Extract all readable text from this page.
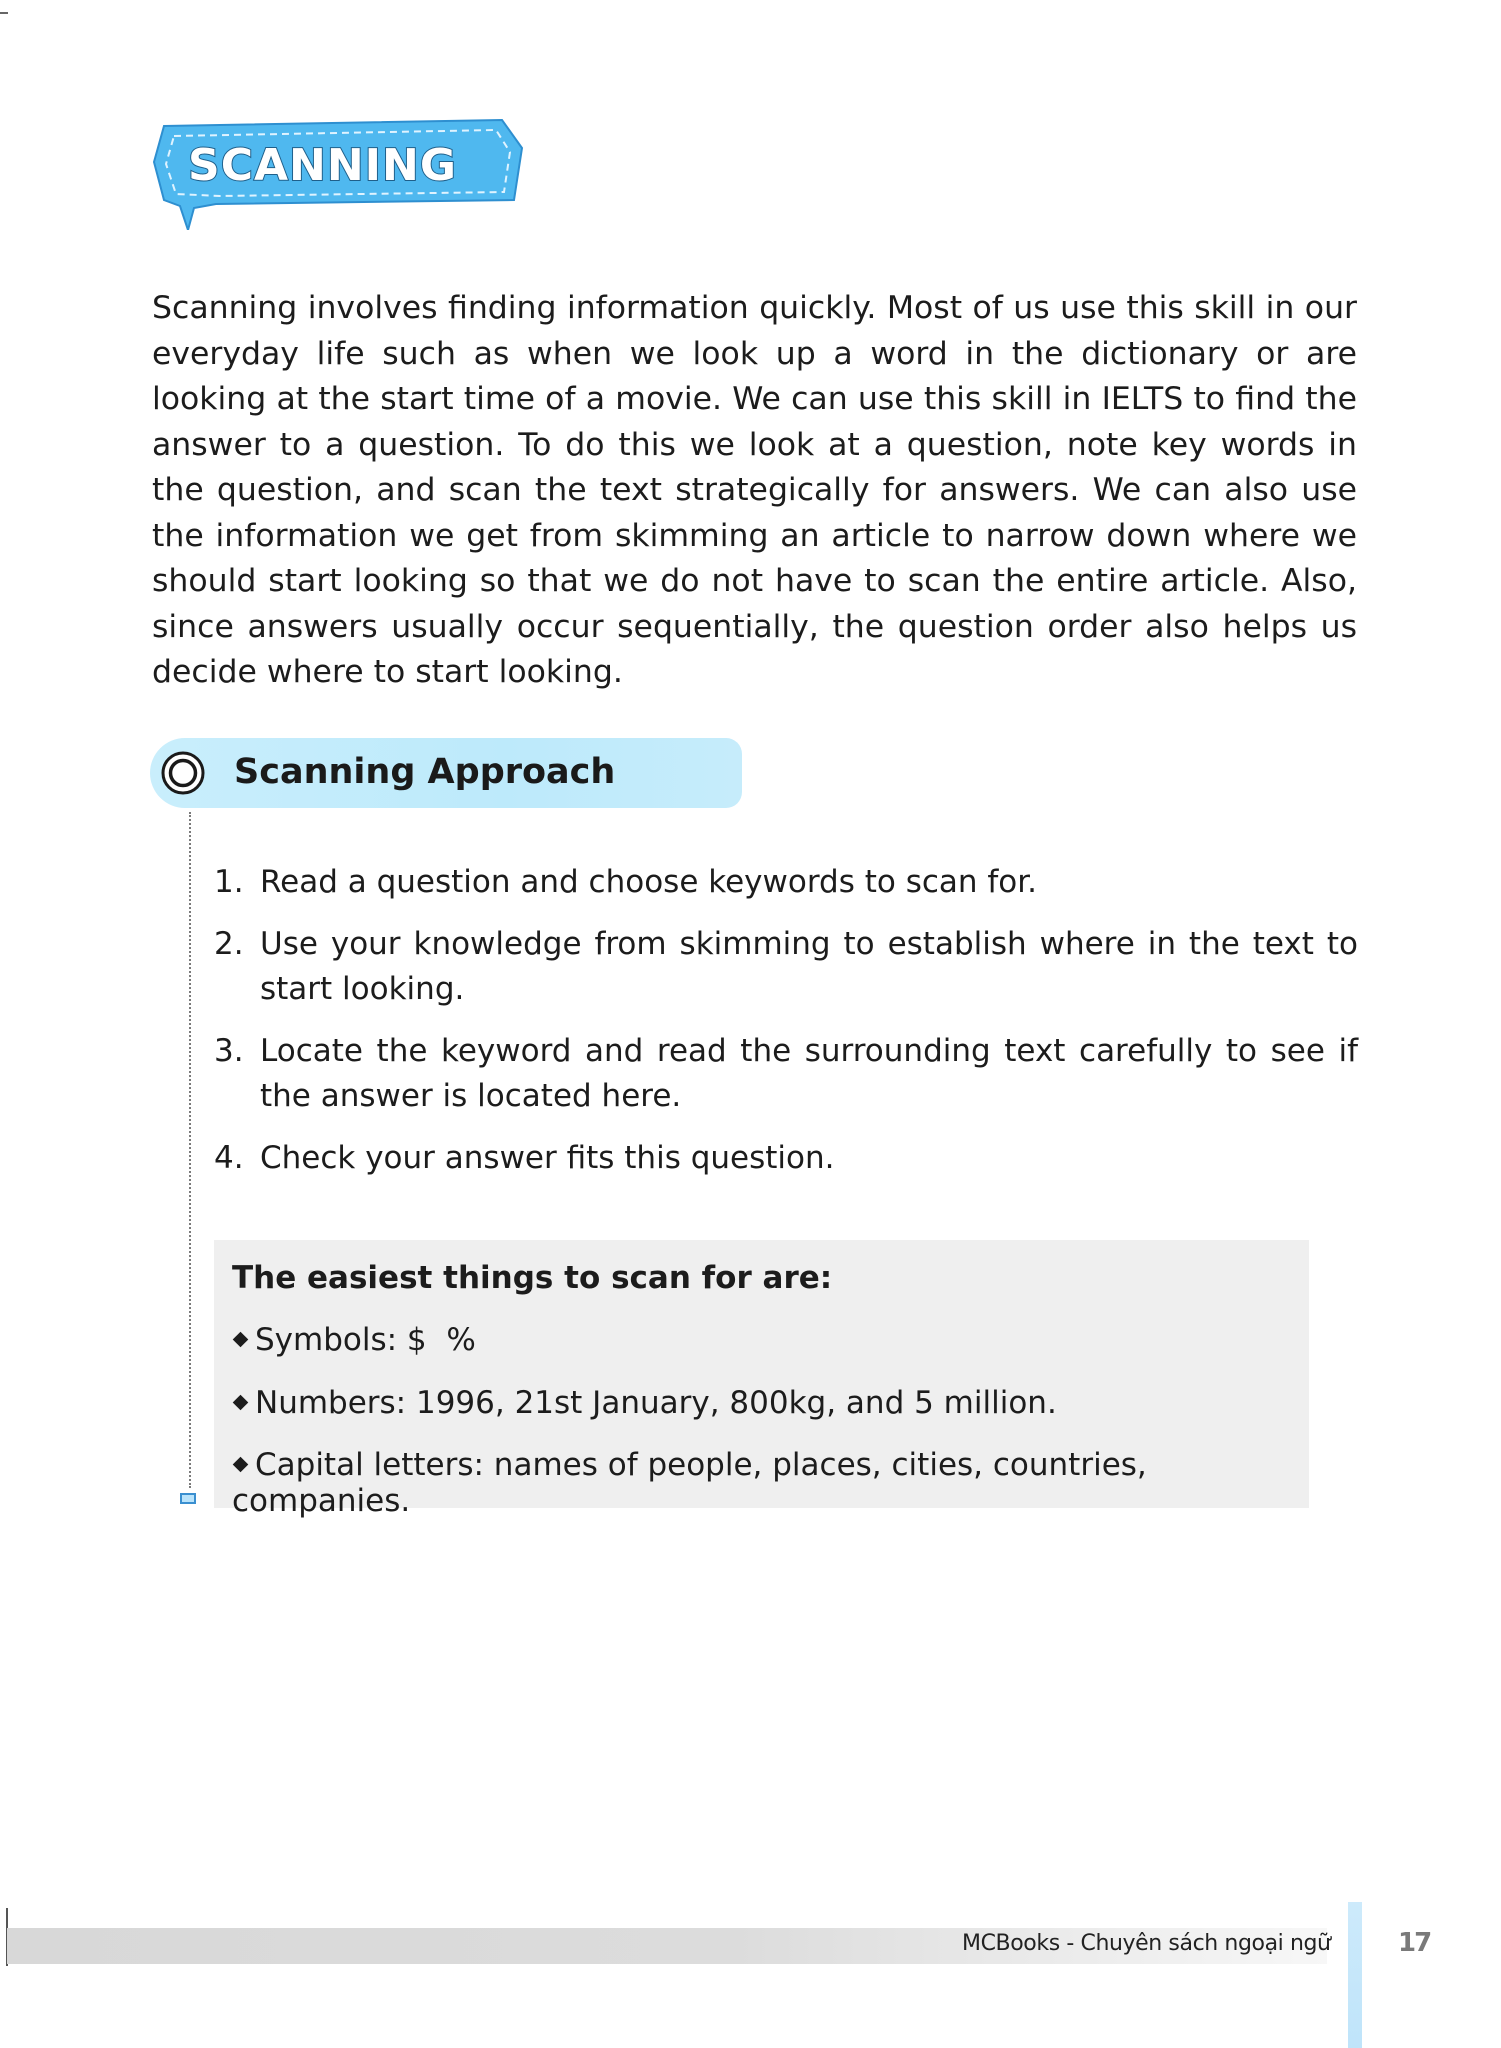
SCANNING

Scanning involves finding information quickly. Most of us use this skill in our everyday life such as when we look up a word in the dictionary or are looking at the start time of a movie. We can use this skill in IELTS to find the answer to a question. To do this we look at a question, note key words in the question, and scan the text strategically for answers. We can also use the information we get from skimming an article to narrow down where we should start looking so that we do not have to scan the entire article. Also, since answers usually occur sequentially, the question order also helps us decide where to start looking.

Scanning Approach
1. Read a question and choose keywords to scan for.
2. Use your knowledge from skimming to establish where in the text to start looking.
3. Locate the keyword and read the surrounding text carefully to see if the answer is located here.
4. Check your answer fits this question.
The easiest things to scan for are:
Symbols: $  %
Numbers: 1996, 21st January, 800kg, and 5 million.
Capital letters: names of people, places, cities, countries, companies.
MCBooks - Chuyên sách ngoại ngữ	17
